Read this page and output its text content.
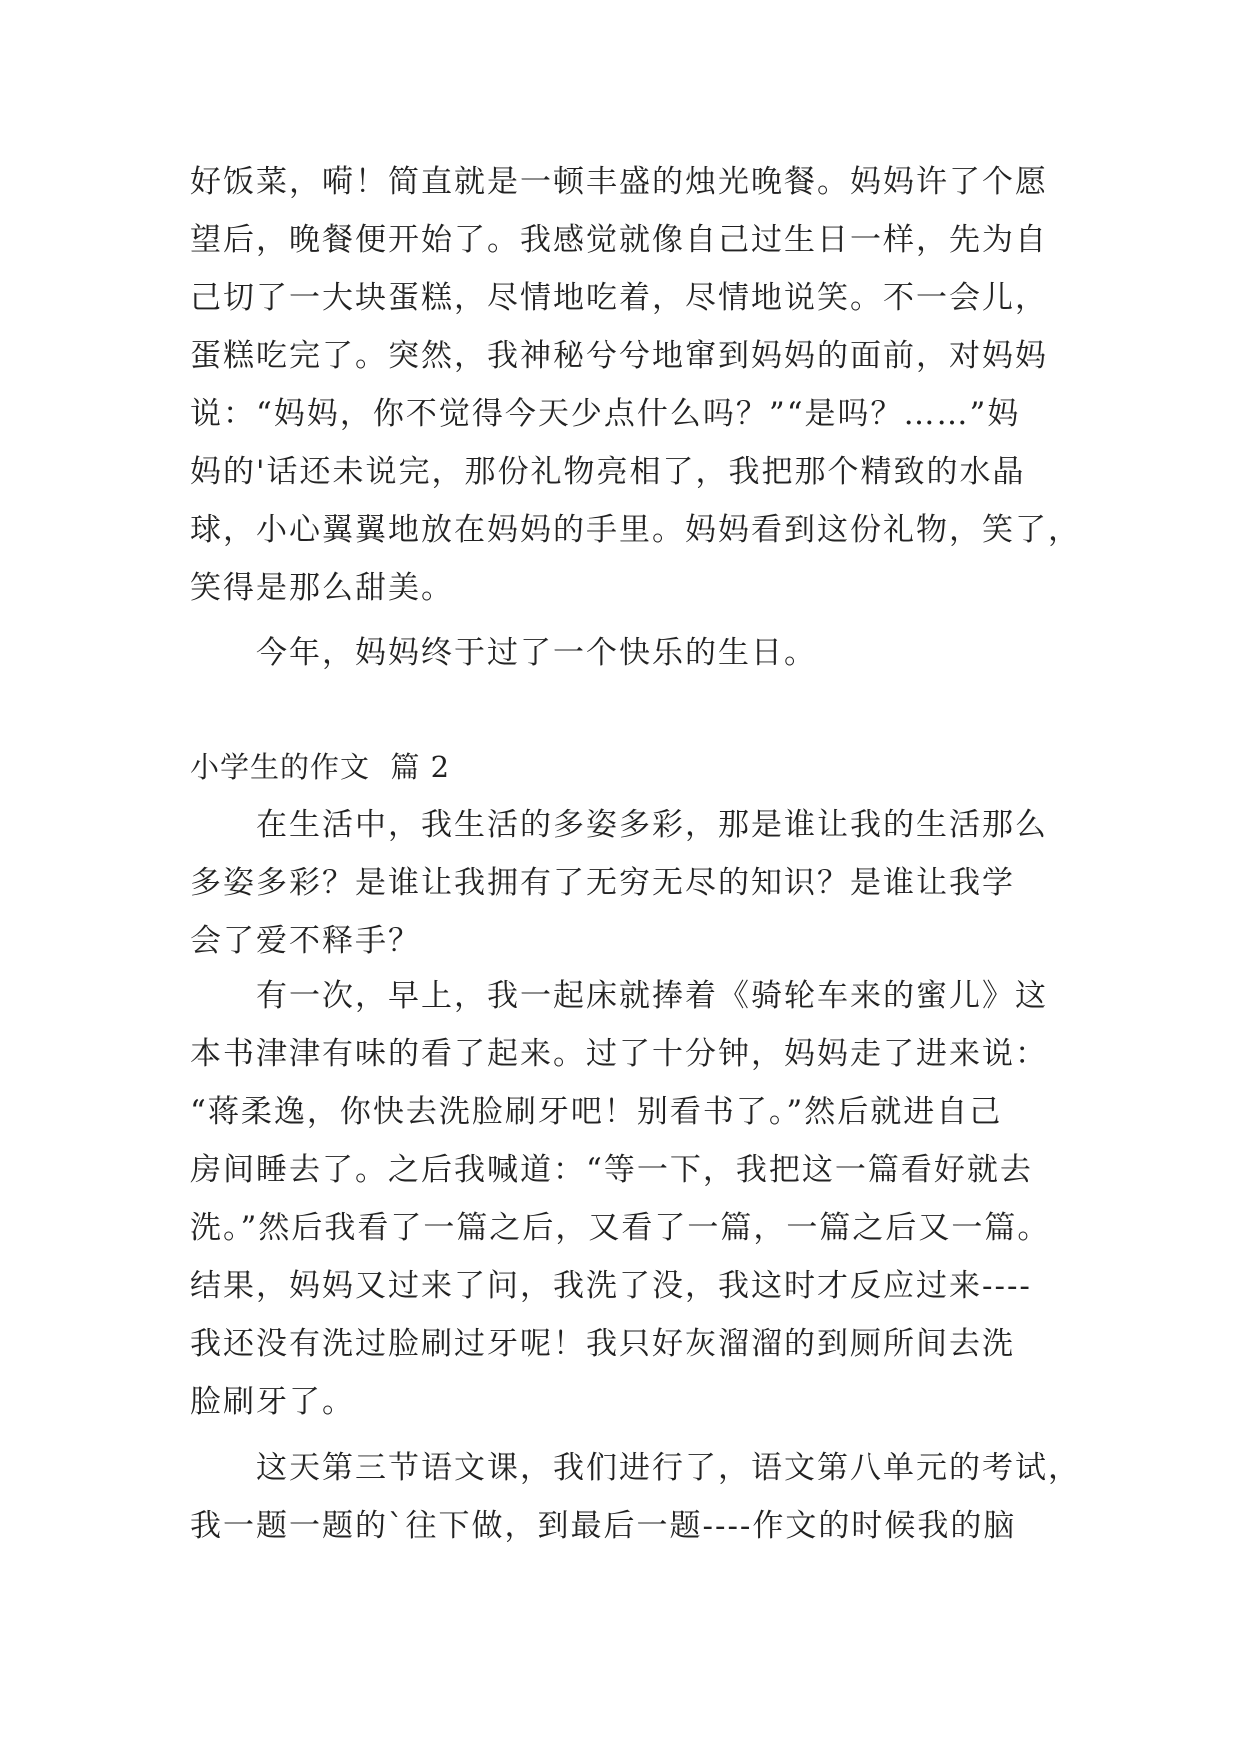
好饭菜，嗬！简直就是一顿丰盛的烛光晚餐。妈妈许了个愿
望后，晚餐便开始了。我感觉就像自己过生日一样，先为自
己切了一大块蛋糕，尽情地吃着，尽情地说笑。不一会儿，
蛋糕吃完了。突然，我神秘兮兮地窜到妈妈的面前，对妈妈
说：“妈妈，你不觉得今天少点什么吗？”“是吗？……”妈
妈的'话还未说完，那份礼物亮相了，我把那个精致的水晶
球，小心翼翼地放在妈妈的手里。妈妈看到这份礼物，笑了，
笑得是那么甜美。
今年，妈妈终于过了一个快乐的生日。
小学生的作文  篇 2
在生活中，我生活的多姿多彩，那是谁让我的生活那么
多姿多彩？是谁让我拥有了无穷无尽的知识？是谁让我学
会了爱不释手？
有一次，早上，我一起床就捧着《骑轮车来的蜜儿》这
本书津津有味的看了起来。过了十分钟，妈妈走了进来说：
“蒋柔逸，你快去洗脸刷牙吧！别看书了。”然后就进自己
房间睡去了。之后我喊道：“等一下，我把这一篇看好就去
洗。”然后我看了一篇之后，又看了一篇，一篇之后又一篇。
结果，妈妈又过来了问，我洗了没，我这时才反应过来----
我还没有洗过脸刷过牙呢！我只好灰溜溜的到厕所间去洗
脸刷牙了。
这天第三节语文课，我们进行了，语文第八单元的考试，
我一题一题的`往下做，到最后一题----作文的时候我的脑
